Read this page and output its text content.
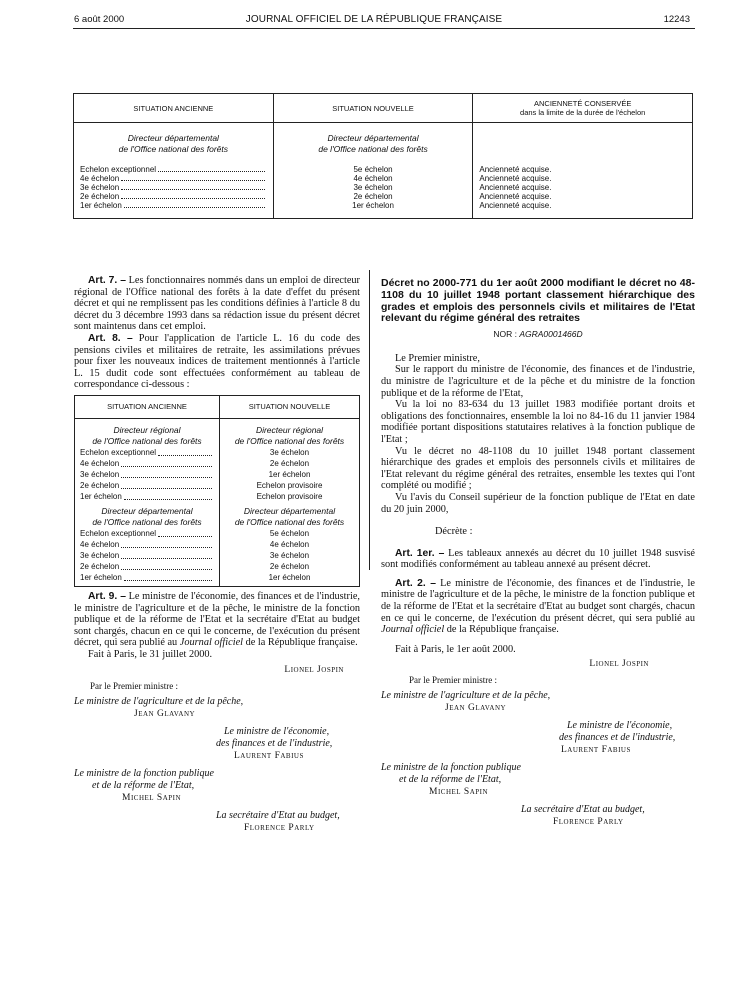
6 août 2000	JOURNAL OFFICIEL DE LA RÉPUBLIQUE FRANÇAISE	12243
SITUATION ANCIENNE	SITUATION NOUVELLE	ANCIENNETÉ CONSERVÉE
dans la limite de la durée de l'échelon
Directeur départemental
de l'Office national des forêts	Directeur départemental
de l'Office national des forêts	

Echelon exceptionnel	5e échelon	Ancienneté acquise.

4e échelon	4e échelon	Ancienneté acquise.

3e échelon	3e échelon	Ancienneté acquise.

2e échelon	2e échelon	Ancienneté acquise.

1er échelon	1er échelon	Ancienneté acquise.

Art. 7. – Les fonctionnaires nommés dans un emploi de directeur régional de l'Office national des forêts à la date d'effet du présent décret et qui ne remplissent pas les conditions définies à l'article 8 du décret du 3 décembre 1993 dans sa rédaction issue du présent décret sont maintenus dans cet emploi.

Art. 8. – Pour l'application de l'article L. 16 du code des pensions civiles et militaires de retraite, les assimilations prévues pour fixer les nouveaux indices de traitement mentionnés à l'article L. 15 dudit code sont effectuées conformément au tableau de correspondance ci-dessous :

SITUATION ANCIENNE	SITUATION NOUVELLE
Directeur régional
de l'Office national des forêts	Directeur régional
de l'Office national des forêts

Echelon exceptionnel	3e échelon

4e échelon	2e échelon

3e échelon	1er échelon

2e échelon	Echelon provisoire

1er échelon	Echelon provisoire
Directeur départemental
de l'Office national des forêts	Directeur départemental
de l'Office national des forêts

Echelon exceptionnel	5e échelon

4e échelon	4e échelon

3e échelon	3e échelon

2e échelon	2e échelon

1er échelon	1er échelon

Art. 9. – Le ministre de l'économie, des finances et de l'industrie, le ministre de l'agriculture et de la pêche, le ministre de la fonction publique et de la réforme de l'Etat et la secrétaire d'Etat au budget sont chargés, chacun en ce qui le concerne, de l'exécution du présent décret, qui sera publié au Journal officiel de la République française.

Fait à Paris, le 31 juillet 2000.

Lionel Jospin
Par le Premier ministre :
Le ministre de l'agriculture et de la pêche,
Jean Glavany
Le ministre de l'économie,
des finances et de l'industrie,
Laurent Fabius
Le ministre de la fonction publique
et de la réforme de l'Etat,
Michel Sapin
La secrétaire d'Etat au budget,
Florence Parly
Décret no 2000-771 du 1er août 2000 modifiant le décret no 48-1108 du 10 juillet 1948 portant classement hiérarchique des grades et emplois des personnels civils et militaires de l'Etat relevant du régime général des retraites
NOR : AGRA0001466D

Le Premier ministre,

Sur le rapport du ministre de l'économie, des finances et de l'industrie, du ministre de l'agriculture et de la pêche et du ministre de la fonction publique et de la réforme de l'Etat,

Vu la loi no 83-634 du 13 juillet 1983 modifiée portant droits et obligations des fonctionnaires, ensemble la loi no 84-16 du 11 janvier 1984 modifiée portant dispositions statutaires relatives à la fonction publique de l'Etat ;

Vu le décret no 48-1108 du 10 juillet 1948 portant classement hiérarchique des grades et emplois des personnels civils et militaires de l'Etat relevant du régime général des retraites, ensemble les textes qui l'ont complété ou modifié ;

Vu l'avis du Conseil supérieur de la fonction publique de l'Etat en date du 20 juin 2000,

Décrète :

Art. 1er. – Les tableaux annexés au décret du 10 juillet 1948 susvisé sont modifiés conformément au tableau annexé au présent décret.

Art. 2. – Le ministre de l'économie, des finances et de l'industrie, le ministre de l'agriculture et de la pêche, le ministre de la fonction publique et de la réforme de l'Etat et la secrétaire d'Etat au budget sont chargés, chacun en ce qui le concerne, de l'exécution du présent décret, qui sera publié au Journal officiel de la République française.

Fait à Paris, le 1er août 2000.

Lionel Jospin
Par le Premier ministre :
Le ministre de l'agriculture et de la pêche,
Jean Glavany
Le ministre de l'économie,
des finances et de l'industrie,
Laurent Fabius
Le ministre de la fonction publique
et de la réforme de l'Etat,
Michel Sapin
La secrétaire d'Etat au budget,
Florence Parly
